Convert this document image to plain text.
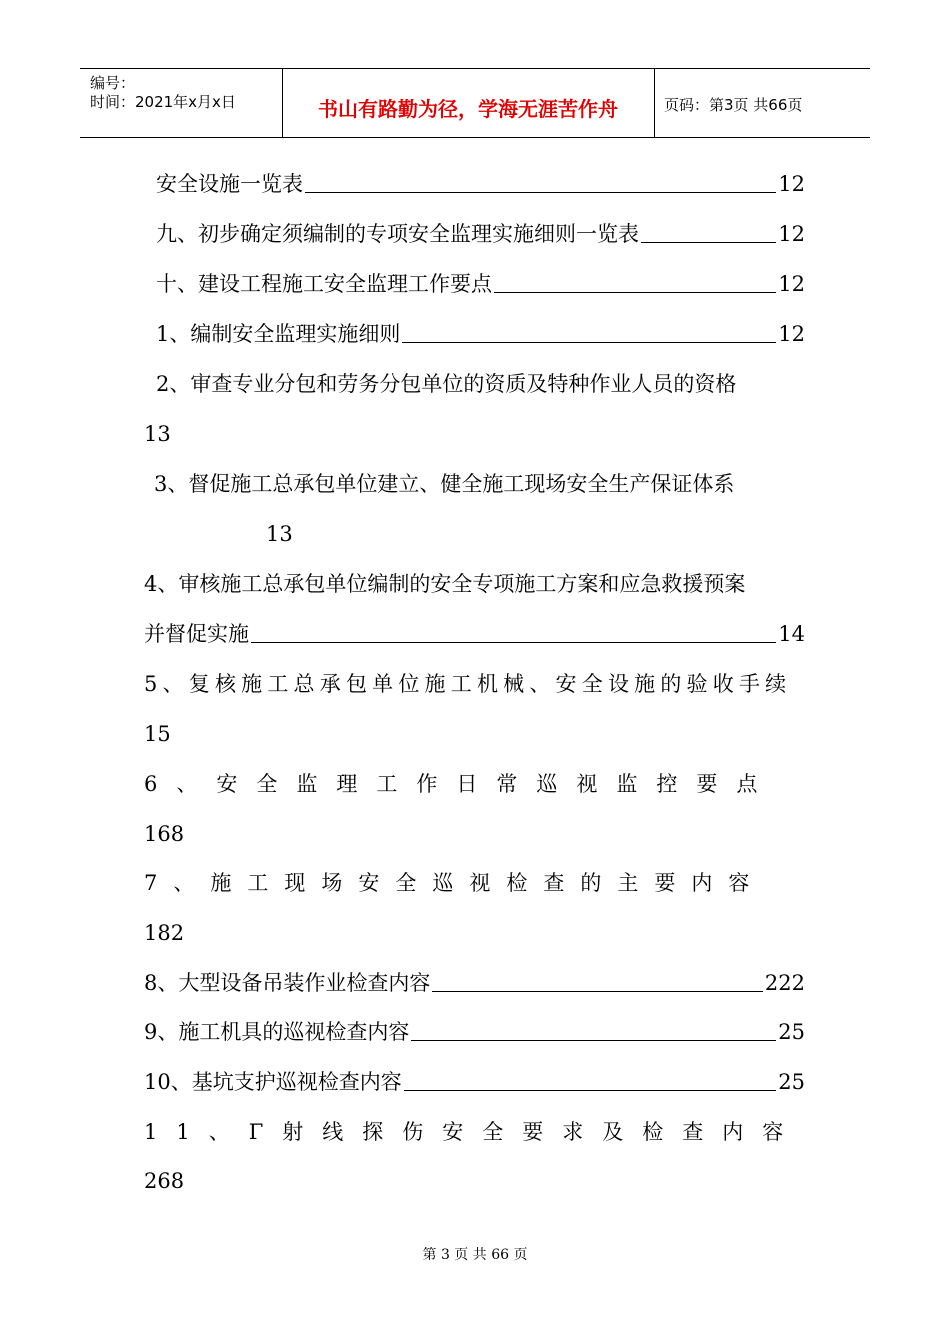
编号：
时间：2021年x月x日	书山有路勤为径，学海无涯苦作舟	页码：第3页 共66页
安全设施一览表	12
九、初步确定须编制的专项安全监理实施细则一览表	12
十、建设工程施工安全监理工作要点	12
1、编制安全监理实施细则	12
2、审查专业分包和劳务分包单位的资质及特种作业人员的资格
13
3、督促施工总承包单位建立、健全施工现场安全生产保证体系
13
4、审核施工总承包单位编制的安全专项施工方案和应急救援预案
并督促实施	14
5、复核施工总承包单位施工机械、安全设施的验收手续
15
6、安全监理工作日常巡视监控要点
168
7、施工现场安全巡视检查的主要内容
182
8、大型设备吊装作业检查内容	222
9、施工机具的巡视检查内容	25
10、基坑支护巡视检查内容	25
11、Γ射线探伤安全要求及检查内容
268
第 3 页 共 66 页
